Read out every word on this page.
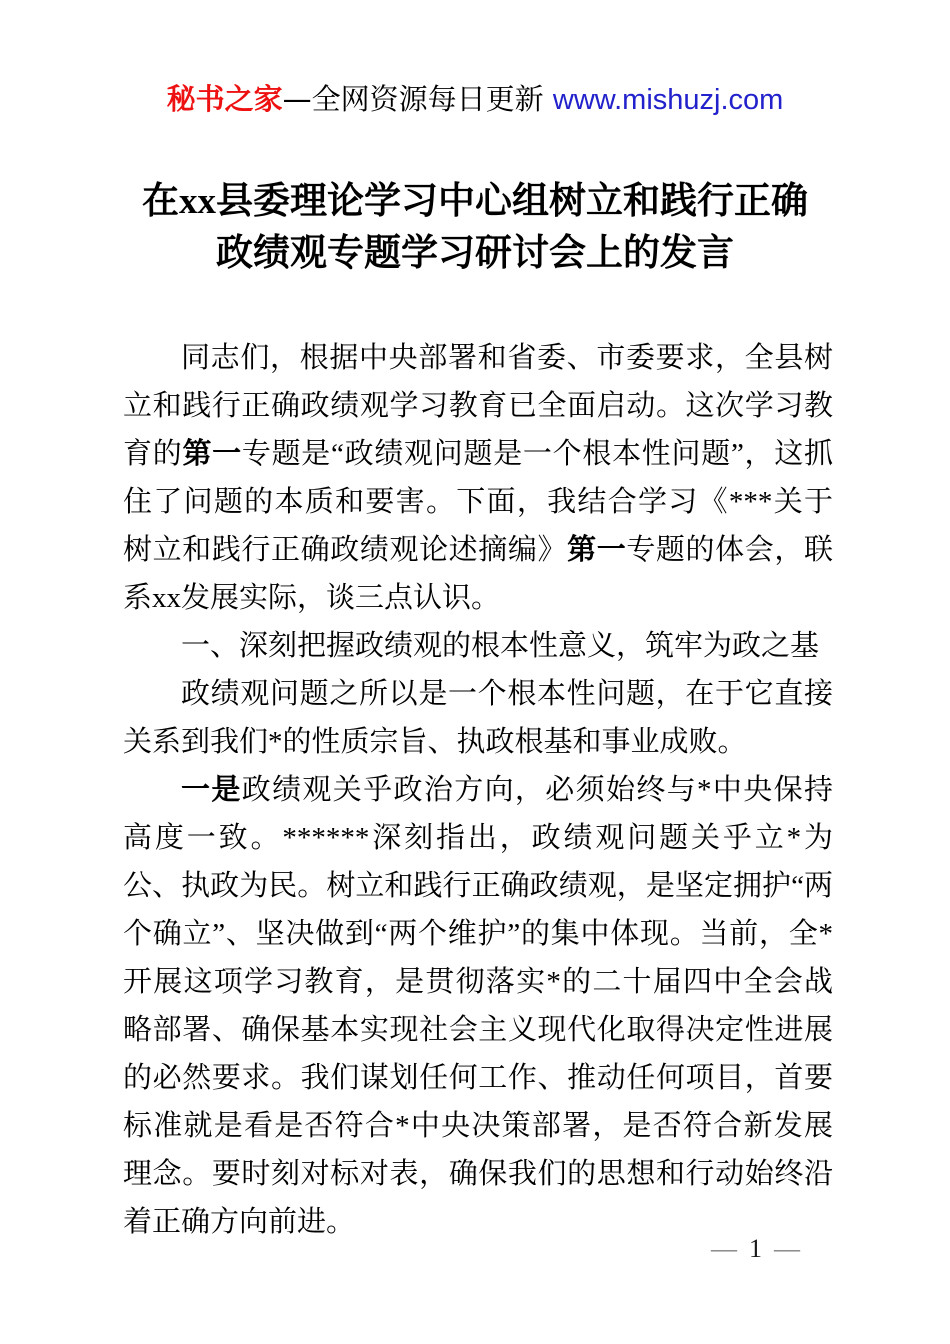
秘书之家—全网资源每日更新 www.mishuzj.com
在xx县委理论学习中心组树立和践行正确
政绩观专题学习研讨会上的发言

同志们，根据中央部署和省委、市委要求，全县树立和践行正确政绩观学习教育已全面启动。这次学习教育的第一专题是“政绩观问题是一个根本性问题”，这抓住了问题的本质和要害。下面，我结合学习《***关于树立和践行正确政绩观论述摘编》第一专题的体会，联系xx发展实际，谈三点认识。

一、深刻把握政绩观的根本性意义，筑牢为政之基

政绩观问题之所以是一个根本性问题，在于它直接关系到我们*的性质宗旨、执政根基和事业成败。

一是政绩观关乎政治方向，必须始终与*中央保持高度一致。******深刻指出，政绩观问题关乎立*为公、执政为民。树立和践行正确政绩观，是坚定拥护“两个确立”、坚决做到“两个维护”的集中体现。当前，全*开展这项学习教育，是贯彻落实*的二十届四中全会战略部署、确保基本实现社会主义现代化取得决定性进展的必然要求。我们谋划任何工作、推动任何项目，首要标准就是看是否符合*中央决策部署，是否符合新发展理念。要时刻对标对表，确保我们的思想和行动始终沿着正确方向前进。

— 1 —
